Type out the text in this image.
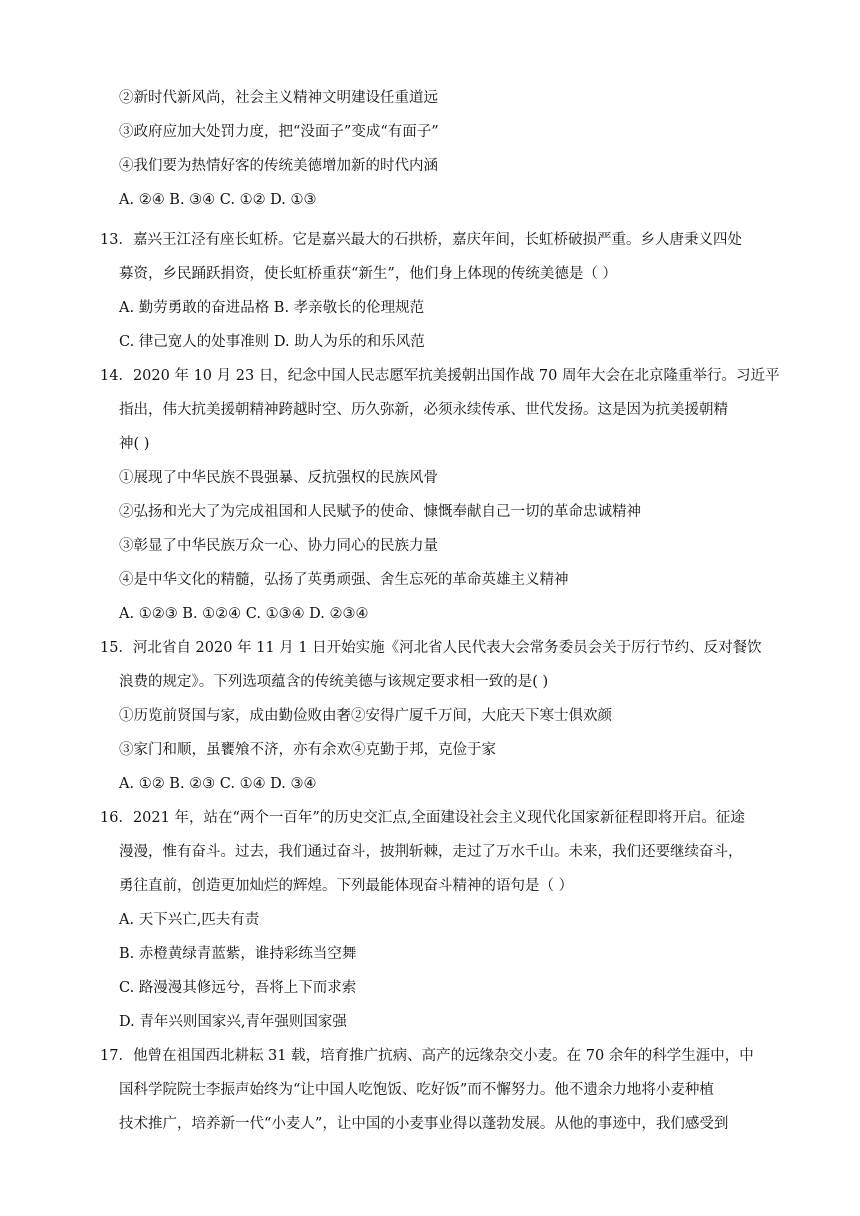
②新时代新风尚，社会主义精神文明建设任重道远
③政府应加大处罚力度，把“没面子”变成“有面子”
④我们要为热情好客的传统美德增加新的时代内涵
A. ②④ B. ③④ C. ①② D. ①③
13．嘉兴王江泾有座长虹桥。它是嘉兴最大的石拱桥，嘉庆年间，长虹桥破损严重。乡人唐秉义四处
募资，乡民踊跃捐资，使长虹桥重获“新生”，他们身上体现的传统美德是（ ）
A. 勤劳勇敢的奋进品格 B. 孝亲敬长的伦理规范
C. 律己宽人的处事准则 D. 助人为乐的和乐风范
14．2020 年 10 月 23 日，纪念中国人民志愿军抗美援朝出国作战 70 周年大会在北京隆重举行。习近平
指出，伟大抗美援朝精神跨越时空、历久弥新，必须永续传承、世代发扬。这是因为抗美援朝精
神( )
①展现了中华民族不畏强暴、反抗强权的民族风骨
②弘扬和光大了为完成祖国和人民赋予的使命、慷慨奉献自己一切的革命忠诚精神
③彰显了中华民族万众一心、协力同心的民族力量
④是中华文化的精髓，弘扬了英勇顽强、舍生忘死的革命英雄主义精神
A. ①②③ B. ①②④ C. ①③④ D. ②③④
15．河北省自 2020 年 11 月 1 日开始实施《河北省人民代表大会常务委员会关于厉行节约、反对餐饮
浪费的规定》。下列选项蕴含的传统美德与该规定要求相一致的是( )
①历览前贤国与家，成由勤俭败由奢②安得广厦千万间，大庇天下寒士俱欢颜
③家门和顺，虽饔飧不济，亦有余欢④克勤于邦，克俭于家
A. ①② B. ②③ C. ①④ D. ③④
16．2021 年，站在“两个一百年”的历史交汇点,全面建设社会主义现代化国家新征程即将开启。征途
漫漫，惟有奋斗。过去，我们通过奋斗，披荆斩棘，走过了万水千山。未来，我们还要继续奋斗，
勇往直前，创造更加灿烂的辉煌。下列最能体现奋斗精神的语句是（ ）
A. 天下兴亡,匹夫有责
B. 赤橙黄绿青蓝紫，谁持彩练当空舞
C. 路漫漫其修远兮，吾将上下而求索
D. 青年兴则国家兴,青年强则国家强
17．他曾在祖国西北耕耘 31 载，培育推广抗病、高产的远缘杂交小麦。在 70 余年的科学生涯中，中
国科学院院士李振声始终为“让中国人吃饱饭、吃好饭”而不懈努力。他不遗余力地将小麦种植
技术推广，培养新一代“小麦人”，让中国的小麦事业得以蓬勃发展。从他的事迹中，我们感受到
